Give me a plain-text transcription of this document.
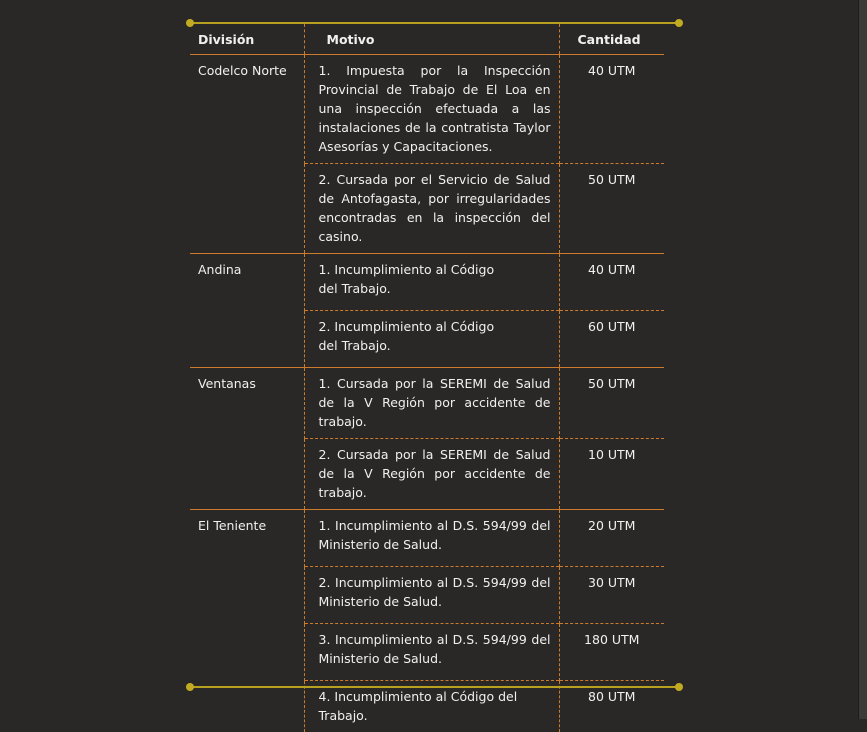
División	Motivo	Cantidad
Codelco Norte	1. Impuesta por la Inspección Provincial de Trabajo de El Loa en una inspección efectuada a las instalaciones de la contratista Taylor Asesorías y Capacitaciones.	40 UTM
	2. Cursada por el Servicio de Salud de Antofagasta, por irregularidades encontradas en la inspección del casino.	50 UTM
Andina	1. Incumplimiento al Código del Trabajo.	40 UTM
	2. Incumplimiento al Código del Trabajo.	60 UTM
Ventanas	1. Cursada por la SEREMI de Salud de la V Región por accidente de trabajo.	50 UTM
	2. Cursada por la SEREMI de Salud de la V Región por accidente de trabajo.	10 UTM
El Teniente	1. Incumplimiento al D.S. 594/99 del Ministerio de Salud.	20 UTM
	2. Incumplimiento al D.S. 594/99 del Ministerio de Salud.	30 UTM
	3. Incumplimiento al D.S. 594/99 del Ministerio de Salud.	180 UTM
	4. Incumplimiento al Código del Trabajo.	80 UTM
